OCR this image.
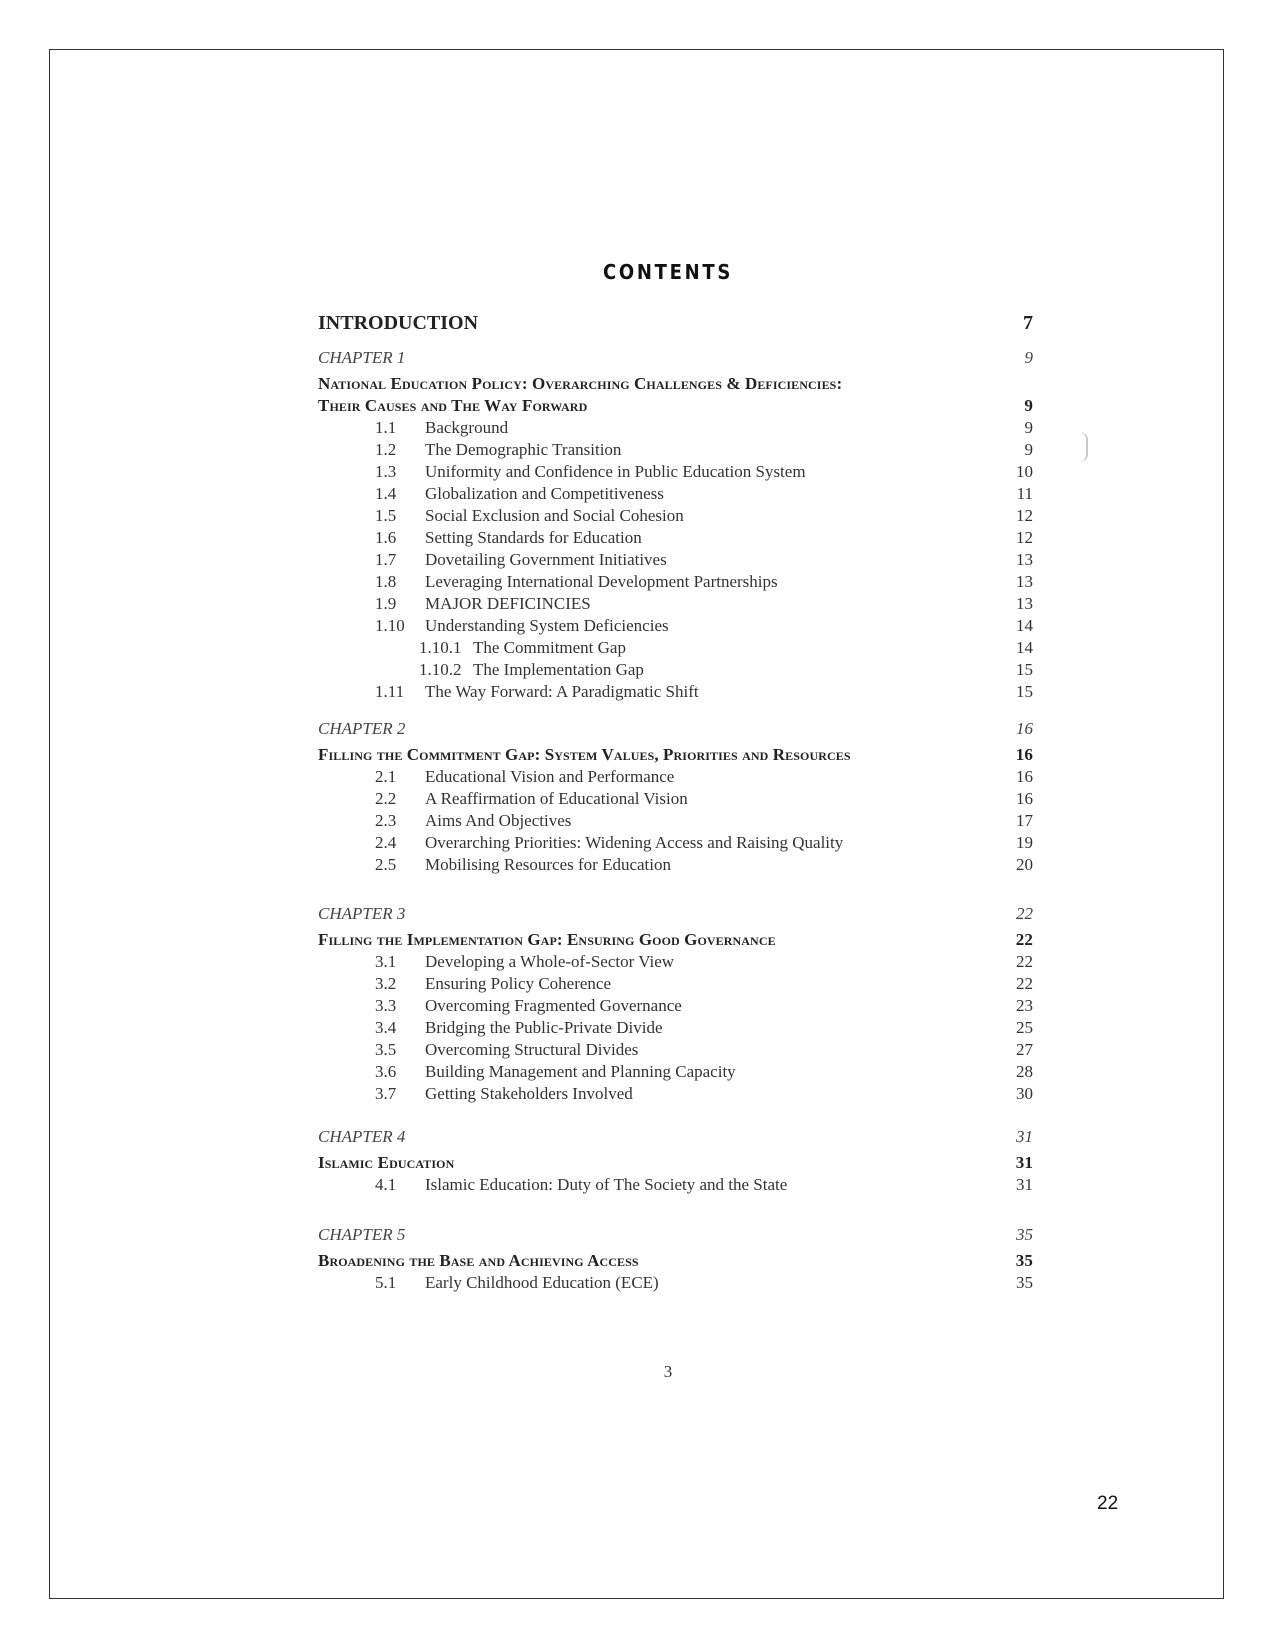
CONTENTS
INTRODUCTION	7
CHAPTER 1	9
National Education Policy: Overarching Challenges & Deficiencies:
Their Causes and The Way Forward	9
1.1 Background	9
1.2 The Demographic Transition	9
1.3 Uniformity and Confidence in Public Education System	10
1.4 Globalization and Competitiveness	11
1.5 Social Exclusion and Social Cohesion	12
1.6 Setting Standards for Education	12
1.7 Dovetailing Government Initiatives	13
1.8 Leveraging International Development Partnerships	13
1.9 MAJOR DEFICINCIES	13
1.10 Understanding System Deficiencies	14
1.10.1 The Commitment Gap	14
1.10.2 The Implementation Gap	15
1.11 The Way Forward: A Paradigmatic Shift	15
CHAPTER 2	16
Filling the Commitment Gap: System Values, Priorities and Resources	16
2.1 Educational Vision and Performance	16
2.2 A Reaffirmation of Educational Vision	16
2.3 Aims And Objectives	17
2.4 Overarching Priorities: Widening Access and Raising Quality	19
2.5 Mobilising Resources for Education	20
CHAPTER 3	22
Filling the Implementation Gap: Ensuring Good Governance	22
3.1 Developing a Whole-of-Sector View	22
3.2 Ensuring Policy Coherence	22
3.3 Overcoming Fragmented Governance	23
3.4 Bridging the Public-Private Divide	25
3.5 Overcoming Structural Divides	27
3.6 Building Management and Planning Capacity	28
3.7 Getting Stakeholders Involved	30
CHAPTER 4	31
Islamic Education	31
4.1 Islamic Education: Duty of The Society and the State	31
CHAPTER 5	35
Broadening the Base and Achieving Access	35
5.1 Early Childhood Education (ECE)	35
3
22
